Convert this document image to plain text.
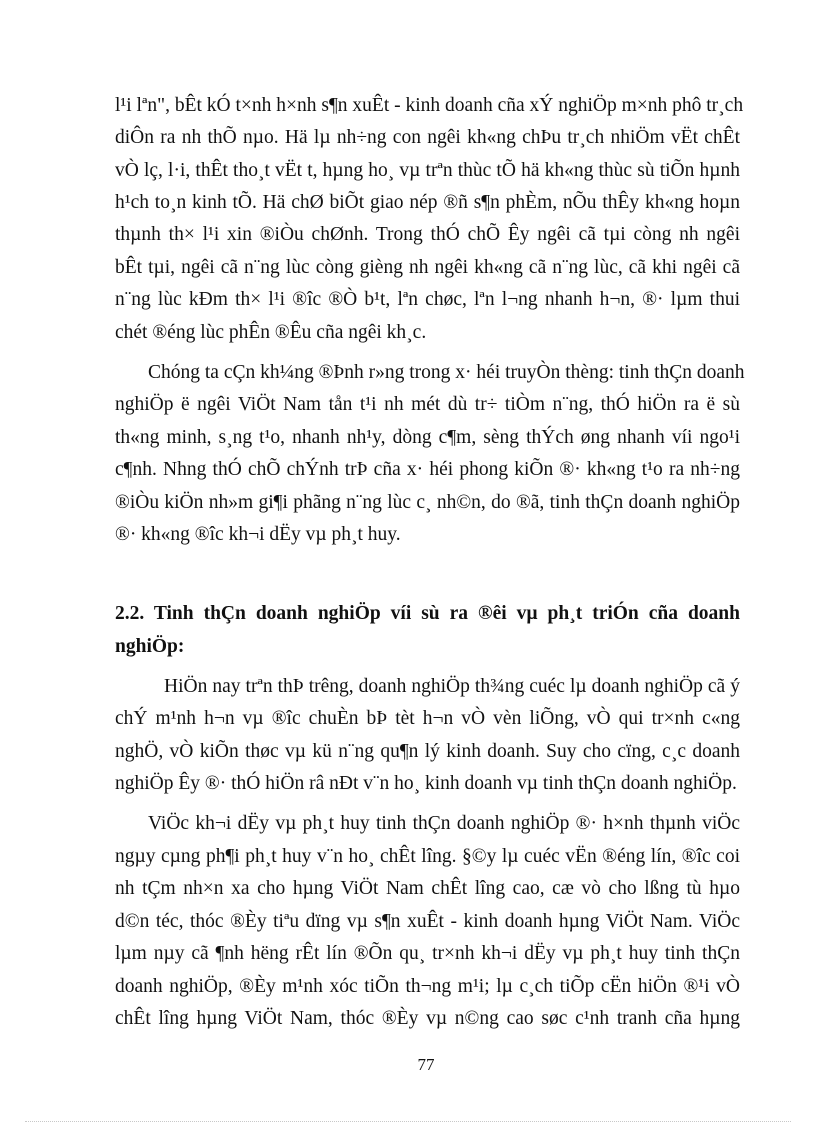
l¹i lªn", bÊt kÓ t×nh h×nh s¶n xuÊt - kinh doanh cña xÝ nghiÖp m×nh phô tr¸ch
diÔn ra nh thÕ nµo. Hä lµ nh÷ng con ngêi kh«ng chÞu tr¸ch nhiÖm vËt chÊt
vÒ lç, l·i, thÊt tho¸t vËt t, hµng ho¸ vµ trªn thùc tÕ hä kh«ng thùc sù tiÕn hµnh
h¹ch to¸n kinh tÕ. Hä chØ biÕt giao nép ®ñ s¶n phÈm, nÕu thÊy kh«ng hoµn
thµnh th× l¹i xin ®iÒu chØnh. Trong thÓ chÕ Êy ngêi cã tµi còng nh ngêi
bÊt tµi, ngêi cã n¨ng lùc còng gièng nh ngêi kh«ng cã n¨ng lùc, cã khi ngêi cã
n¨ng lùc kÐm th× l¹i ®îc ®Ò b¹t, lªn chøc, lªn l¬ng nhanh h¬n, ®· lµm thui
chét ®éng lùc phÊn ®Êu cña ngêi kh¸c.
Chóng ta cÇn kh¼ng ®Þnh r»ng trong x· héi truyÒn thèng: tinh thÇn doanh
nghiÖp ë ngêi ViÖt Nam tån t¹i nh mét dù tr÷ tiÒm n¨ng, thÓ hiÖn ra ë sù
th«ng minh, s¸ng t¹o, nhanh nh¹y, dòng c¶m, sèng thÝch øng nhanh víi ngo¹i
c¶nh. Nhng thÓ chÕ chÝnh trÞ cña x· héi phong kiÕn ®· kh«ng t¹o ra nh÷ng
®iÒu kiÖn nh»m gi¶i phãng n¨ng lùc c¸ nh©n, do ®ã, tinh thÇn doanh nghiÖp
®· kh«ng ®îc kh¬i dËy vµ ph¸t huy.
2.2. Tinh thÇn doanh nghiÖp víi sù ra ®êi vµ ph¸t triÓn cña doanh
nghiÖp:
HiÖn nay trªn thÞ trêng, doanh nghiÖp th¾ng cuéc lµ doanh nghiÖp cã ý
chÝ m¹nh h¬n vµ ®îc chuÈn bÞ tèt h¬n vÒ vèn liÕng, vÒ qui tr×nh c«ng
nghÖ, vÒ kiÕn thøc vµ kü n¨ng qu¶n lý kinh doanh. Suy cho cïng, c¸c doanh
nghiÖp Êy ®· thÓ hiÖn râ nÐt v¨n ho¸ kinh doanh vµ tinh thÇn doanh nghiÖp.
ViÖc kh¬i dËy vµ ph¸t huy tinh thÇn doanh nghiÖp ®· h×nh thµnh viÖc
ngµy cµng ph¶i ph¸t huy v¨n ho¸ chÊt lîng. §©y lµ cuéc vËn ®éng lín, ®îc coi
nh tÇm nh×n xa cho hµng ViÖt Nam chÊt lîng cao, cæ vò cho lßng tù hµo
d©n téc, thóc ®Èy tiªu dïng vµ s¶n xuÊt - kinh doanh hµng ViÖt Nam. ViÖc
lµm nµy cã ¶nh hëng rÊt lín ®Õn qu¸ tr×nh kh¬i dËy vµ ph¸t huy tinh thÇn
doanh nghiÖp, ®Èy m¹nh xóc tiÕn th¬ng m¹i; lµ c¸ch tiÕp cËn hiÖn ®¹i vÒ
chÊt lîng hµng ViÖt Nam, thóc ®Èy vµ n©ng cao søc c¹nh tranh cña hµng
77
